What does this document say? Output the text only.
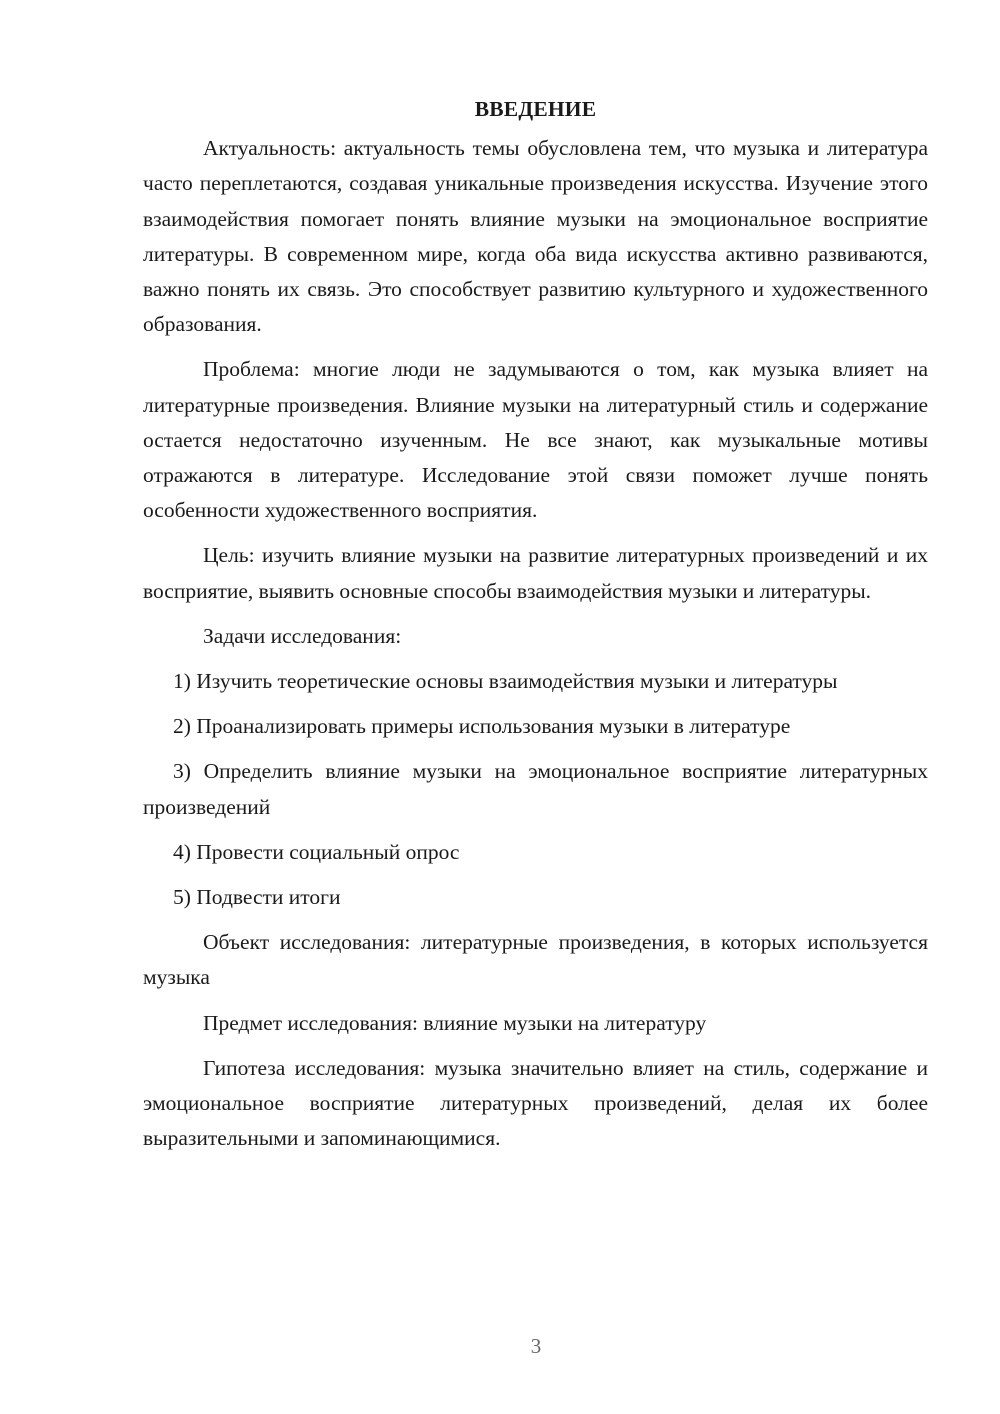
ВВЕДЕНИЕ

Актуальность: актуальность темы обусловлена тем, что музыка и литература часто переплетаются, создавая уникальные произведения искусства. Изучение этого взаимодействия помогает понять влияние музыки на эмоциональное восприятие литературы. В современном мире, когда оба вида искусства активно развиваются, важно понять их связь. Это способствует развитию культурного и художественного образования.

Проблема: многие люди не задумываются о том, как музыка влияет на литературные произведения. Влияние музыки на литературный стиль и содержание остается недостаточно изученным. Не все знают, как музыкальные мотивы отражаются в литературе. Исследование этой связи поможет лучше понять особенности художественного восприятия.

Цель: изучить влияние музыки на развитие литературных произведений и их восприятие, выявить основные способы взаимодействия музыки и литературы.

Задачи исследования:

1) Изучить теоретические основы взаимодействия музыки и литературы

2) Проанализировать примеры использования музыки в литературе

3) Определить влияние музыки на эмоциональное восприятие литературных произведений

4) Провести социальный опрос

5) Подвести итоги

Объект исследования: литературные произведения, в которых используется музыка

Предмет исследования: влияние музыки на литературу

Гипотеза исследования: музыка значительно влияет на стиль, содержание и эмоциональное восприятие литературных произведений, делая их более выразительными и запоминающимися.

3
